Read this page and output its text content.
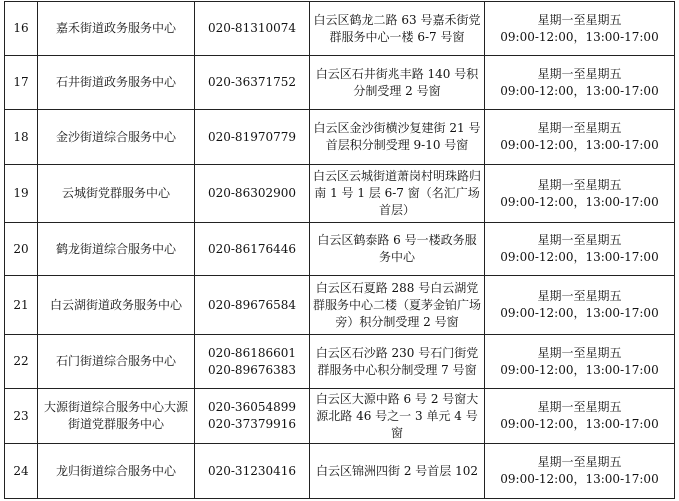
16	嘉禾街道政务服务中心	020-81310074	白云区鹤龙二路 63 号嘉禾街党群服务中心一楼 6-7 号窗	星期一至星期五
09:00-12:00，13:00-17:00

17	石井街道政务服务中心	020-36371752	白云区石井街兆丰路 140 号积分制受理 2 号窗	星期一至星期五
09:00-12:00，13:00-17:00

18	金沙街道综合服务中心	020-81970779	白云区金沙街横沙复建街 21 号首层积分制受理 9-10 号窗	星期一至星期五
09:00-12:00，13:00-17:00

19	云城街党群服务中心	020-86302900	白云区云城街道萧岗村明珠路归南 1 号 1 层 6-7 窗（名汇广场首层）	星期一至星期五
09:00-12:00，13:00-17:00

20	鹤龙街道综合服务中心	020-86176446	白云区鹤泰路 6 号一楼政务服务中心	星期一至星期五
09:00-12:00，13:00-17:00

21	白云湖街道政务服务中心	020-89676584	白云区石夏路 288 号白云湖党群服务中心二楼（夏茅金铂广场旁）积分制受理 2 号窗	星期一至星期五
09:00-12:00，13:00-17:00

22	石门街道综合服务中心	020-86186601
020-89676383	白云区石沙路 230 号石门街党群服务中心积分制受理 7 号窗	星期一至星期五
09:00-12:00，13:00-17:00

23	大源街道综合服务中心大源街道党群服务中心	020-36054899
020-37379916	白云区大源中路 6 号 2 号窗大源北路 46 号之一 3 单元 4 号窗	星期一至星期五
09:00-12:00，13:00-17:00

24	龙归街道综合服务中心	020-31230416	白云区锦洲四街 2 号首层 102	星期一至星期五
09:00-12:00，13:00-17:00
